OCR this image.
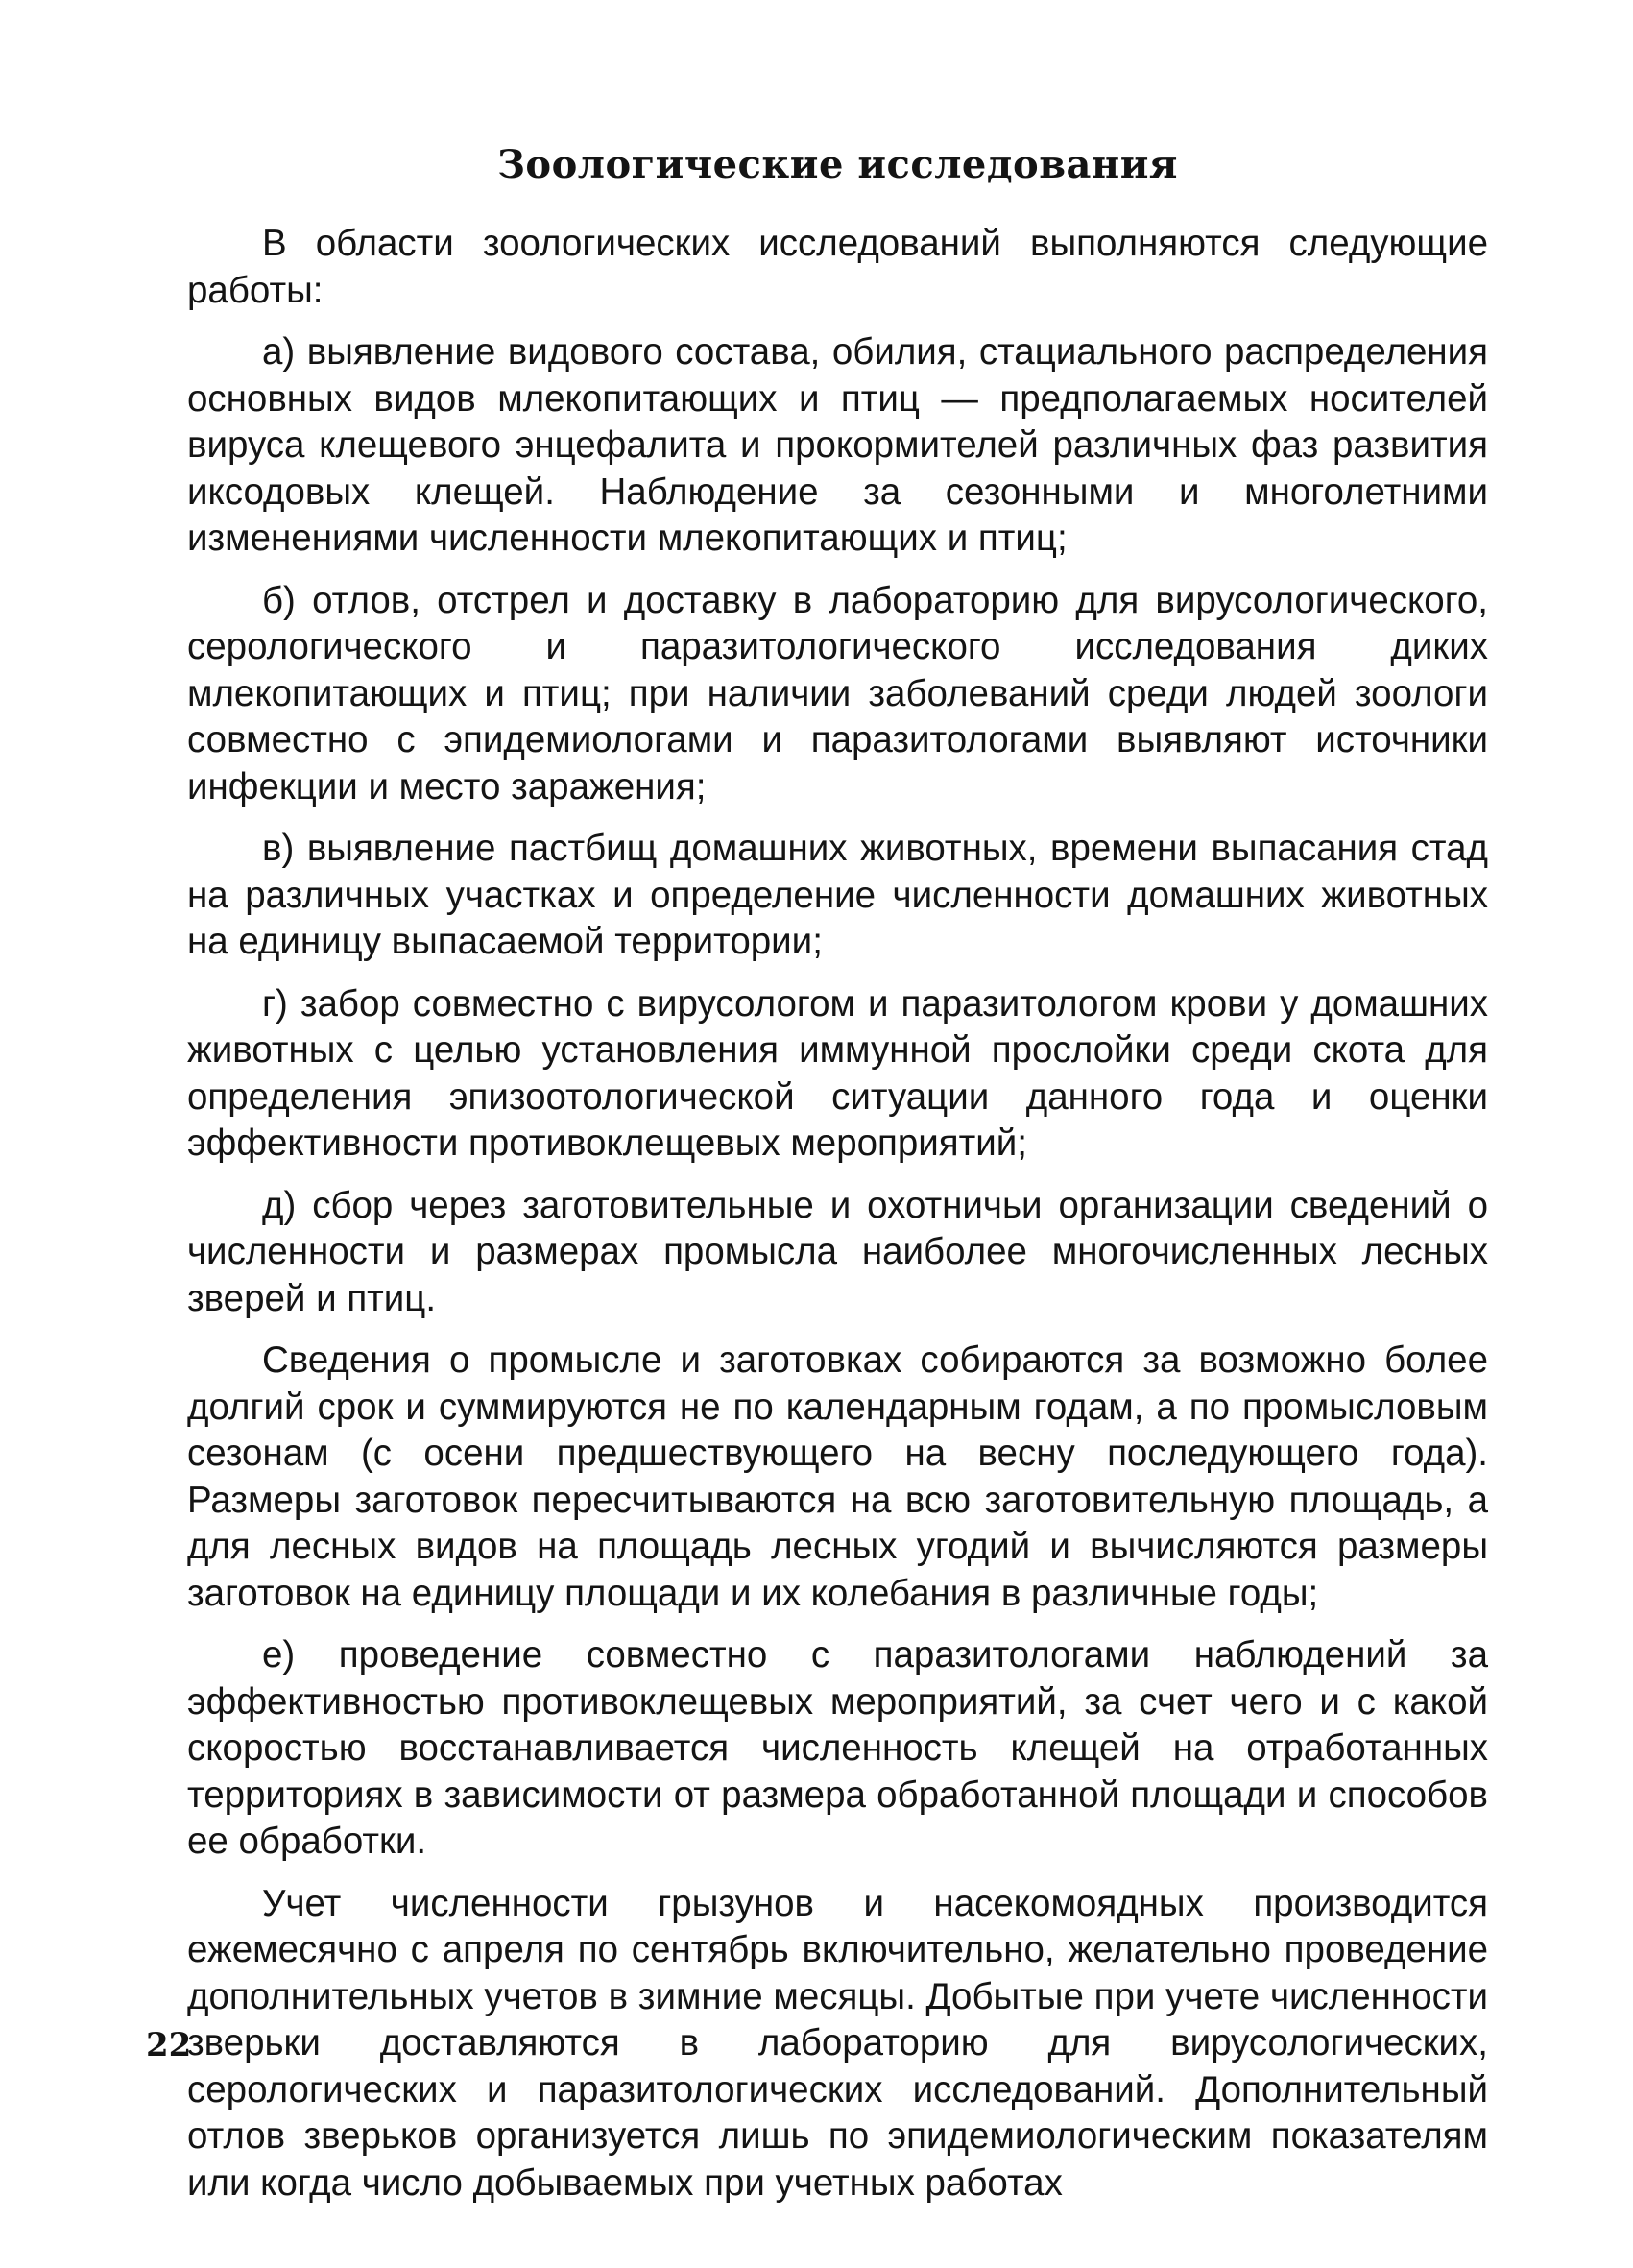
Зоологические исследования

В области зоологических исследований выполняются следующие работы:

а) выявление видового состава, обилия, стациального распределения основных видов млекопитающих и птиц — предполагаемых носителей вируса клещевого энцефалита и прокормителей различных фаз развития иксодовых клещей. Наблюдение за сезонными и многолетними изменениями численности млекопитающих и птиц;

б) отлов, отстрел и доставку в лабораторию для вирусологического, серологического и паразитологического исследования диких млекопитающих и птиц; при наличии заболеваний среди людей зоологи совместно с эпидемиологами и паразитологами выявляют источники инфекции и место заражения;

в) выявление пастбищ домашних животных, времени выпасания стад на различных участках и определение численности домашних животных на единицу выпасаемой территории;

г) забор совместно с вирусологом и паразитологом крови у домашних животных с целью установления иммунной прослойки среди скота для определения эпизоотологической ситуации данного года и оценки эффективности противоклещевых мероприятий;

д) сбор через заготовительные и охотничьи организации сведений о численности и размерах промысла наиболее многочисленных лесных зверей и птиц.

Сведения о промысле и заготовках собираются за возможно более долгий срок и суммируются не по календарным годам, а по промысловым сезонам (с осени предшествующего на весну последующего года). Размеры заготовок пересчитываются на всю заготовительную площадь, а для лесных видов на площадь лесных угодий и вычисляются размеры заготовок на единицу площади и их колебания в различные годы;

е) проведение совместно с паразитологами наблюдений за эффективностью противоклещевых мероприятий, за счет чего и с какой скоростью восстанавливается численность клещей на отработанных территориях в зависимости от размера обработанной площади и способов ее обработки.

Учет численности грызунов и насекомоядных производится ежемесячно с апреля по сентябрь включительно, желательно проведение дополнительных учетов в зимние месяцы. Добытые при учете численности зверьки доставляются в лабораторию для вирусологических, серологических и паразитологических исследований. Дополнительный отлов зверьков организуется лишь по эпидемиологическим показателям или когда число добываемых при учетных работах

22
